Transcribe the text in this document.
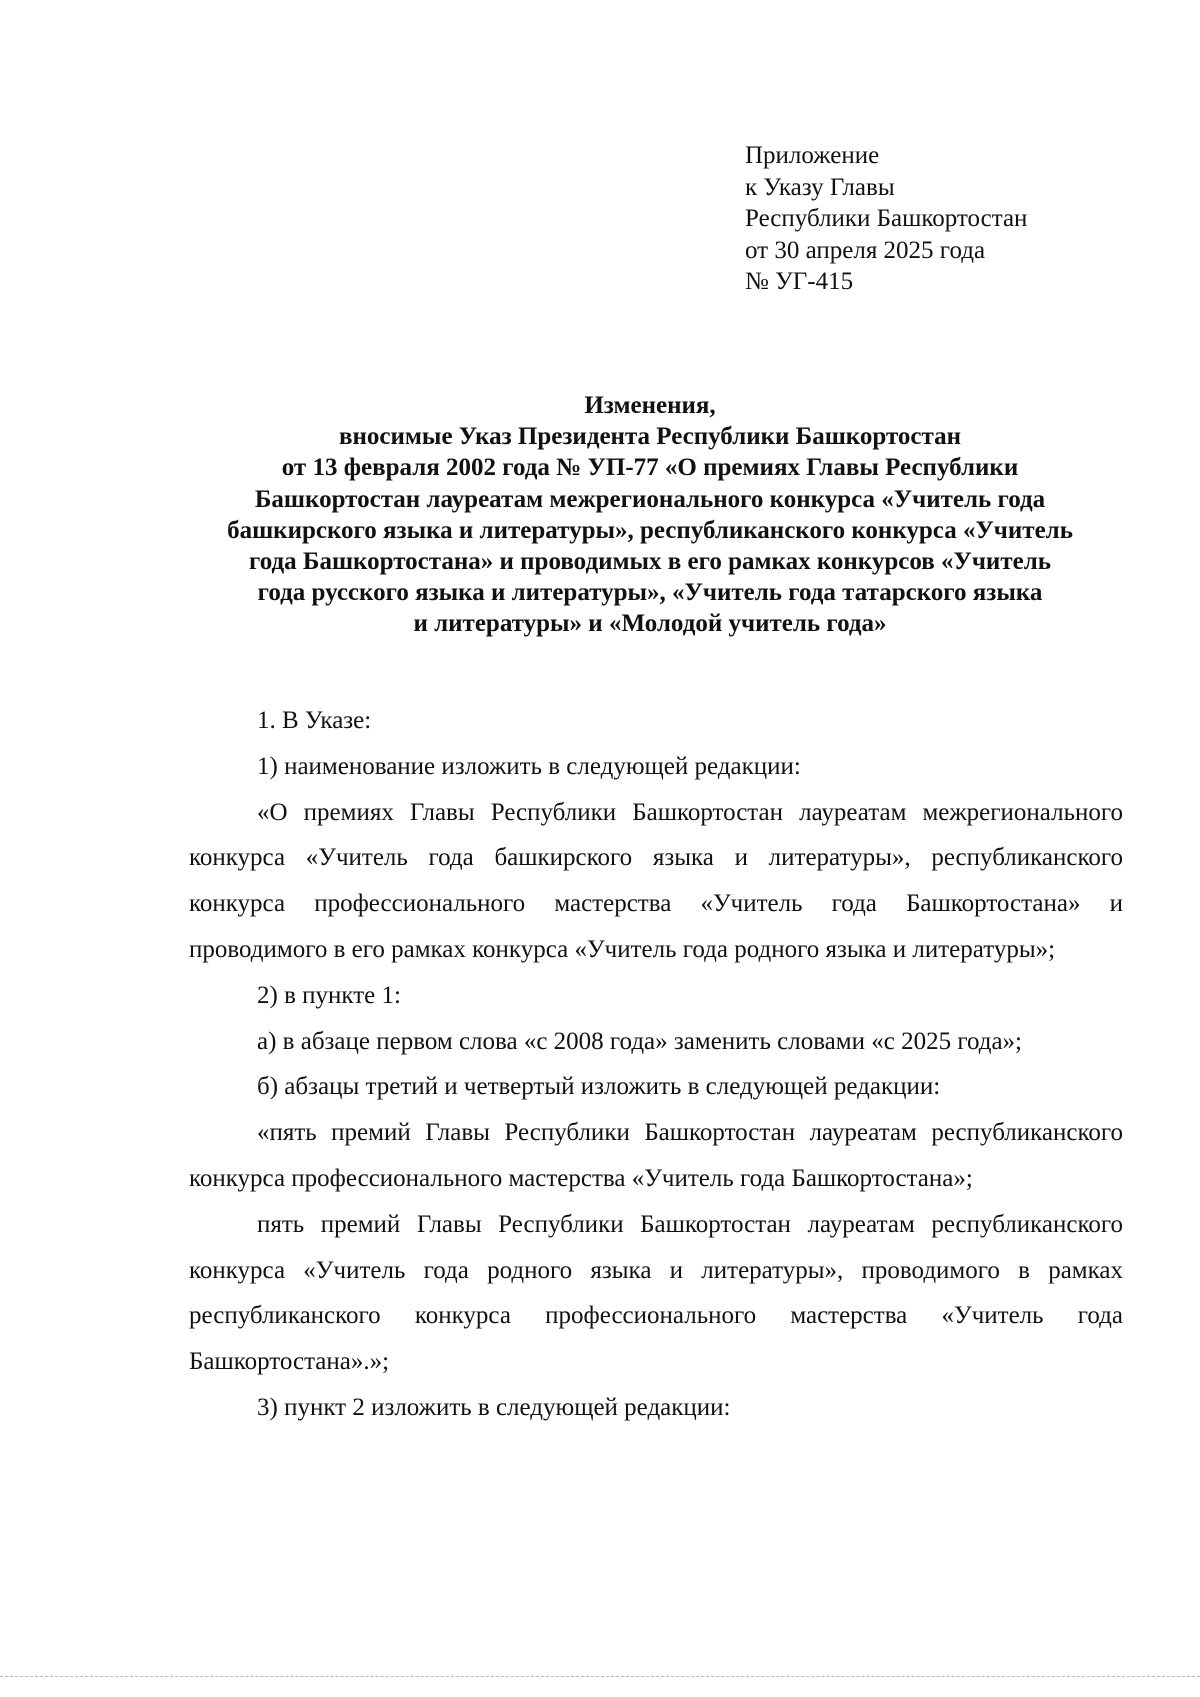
Приложение
к Указу Главы
Республики Башкортостан
от 30 апреля 2025 года
№ УГ-415
Изменения,
вносимые Указ Президента Республики Башкортостан
от 13 февраля 2002 года № УП-77 «О премиях Главы Республики
Башкортостан лауреатам межрегионального конкурса «Учитель года
башкирского языка и литературы», республиканского конкурса «Учитель
года Башкортостана» и проводимых в его рамках конкурсов «Учитель
года русского языка и литературы», «Учитель года татарского языка
и литературы» и «Молодой учитель года»

1. В Указе:

1) наименование изложить в следующей редакции:

«О премиях Главы Республики Башкортостан лауреатам межрегионального конкурса «Учитель года башкирского языка и литературы», республиканского конкурса профессионального мастерства «Учитель года Башкортостана» и проводимого в его рамках конкурса «Учитель года родного языка и литературы»;

2) в пункте 1:

а) в абзаце первом слова «с 2008 года» заменить словами «с 2025 года»;

б) абзацы третий и четвертый изложить в следующей редакции:

«пять премий Главы Республики Башкортостан лауреатам республиканского конкурса профессионального мастерства «Учитель года Башкортостана»;

пять премий Главы Республики Башкортостан лауреатам республиканского конкурса «Учитель года родного языка и литературы», проводимого в рамках республиканского конкурса профессионального мастерства «Учитель года Башкортостана».»;

3) пункт 2 изложить в следующей редакции:
